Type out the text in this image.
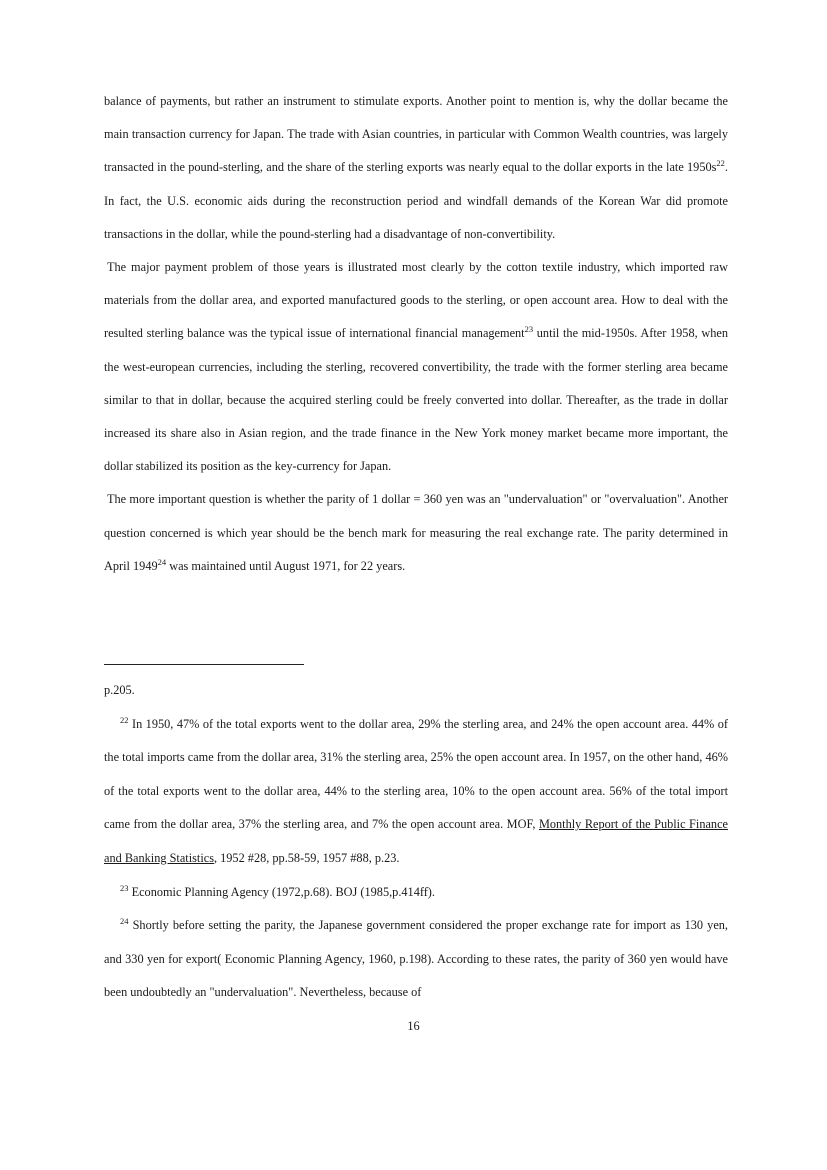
balance of payments, but rather an instrument to stimulate exports. Another point to mention is, why the dollar became the main transaction currency for Japan. The trade with Asian countries, in particular with Common Wealth countries, was largely transacted in the pound-sterling, and the share of the sterling exports was nearly equal to the dollar exports in the late $1950s^{22}$. In fact, the U.S. economic aids during the reconstruction period and windfall demands of the Korean War did promote transactions in the dollar, while the pound-sterling had a disadvantage of non-convertibility.

The major payment problem of those years is illustrated most clearly by the cotton textile industry, which imported raw materials from the dollar area, and exported manufactured goods to the sterling, or open account area. How to deal with the resulted sterling balance was the typical issue of international financial management$^{23}$ until the mid-1950s. After 1958, when the west-european currencies, including the sterling, recovered convertibility, the trade with the former sterling area became similar to that in dollar, because the acquired sterling could be freely converted into dollar. Thereafter, as the trade in dollar increased its share also in Asian region, and the trade finance in the New York money market became more important, the dollar stabilized its position as the key-currency for Japan.

The more important question is whether the parity of 1 dollar = 360 yen was an "undervaluation" or "overvaluation". Another question concerned is which year should be the bench mark for measuring the real exchange rate. The parity determined in April 1949$^{24}$ was maintained until August 1971, for 22 years.

p.205.

$^{22}$ In 1950, 47% of the total exports went to the dollar area, 29% the sterling area, and 24% the open account area. 44% of the total imports came from the dollar area, 31% the sterling area, 25% the open account area. In 1957, on the other hand, 46% of the total exports went to the dollar area, 44% to the sterling area, 10% to the open account area. 56% of the total import came from the dollar area, 37% the sterling area, and 7% the open account area. MOF, Monthly Report of the Public Finance and Banking Statistics, 1952 #28, pp.58-59, 1957 #88, p.23.

$^{23}$ Economic Planning Agency (1972,p.68). BOJ (1985,p.414ff).

$^{24}$ Shortly before setting the parity, the Japanese government considered the proper exchange rate for import as 130 yen, and 330 yen for export( Economic Planning Agency, 1960, p.198). According to these rates, the parity of 360 yen would have been undoubtedly an "undervaluation". Nevertheless, because of

16
